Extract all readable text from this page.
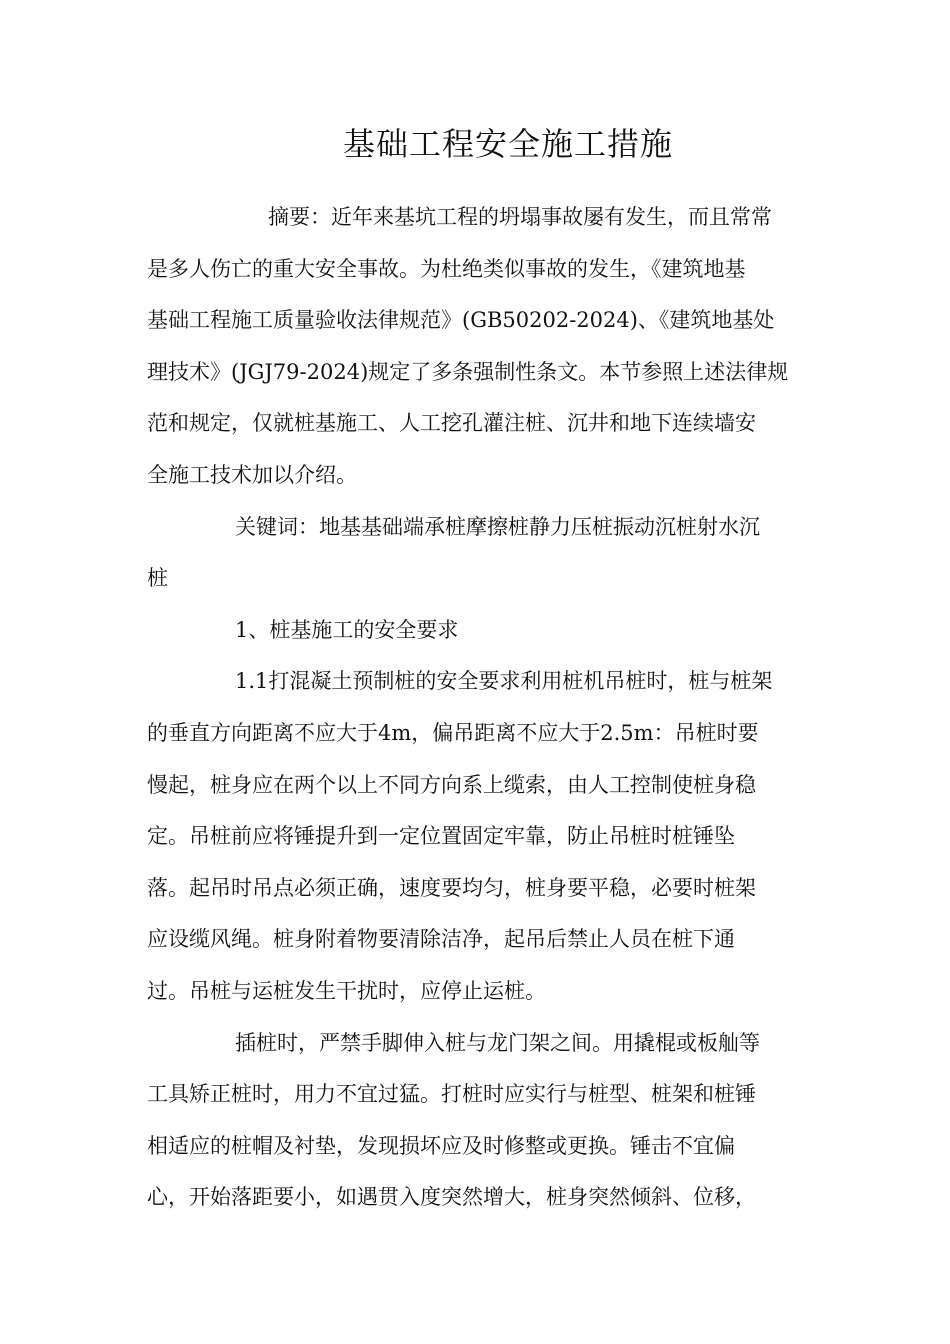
基础工程安全施工措施
摘要：近年来基坑工程的坍塌事故屡有发生，而且常常
是多人伤亡的重大安全事故。为杜绝类似事故的发生，《建筑地基
基础工程施工质量验收法律规范》(GB50202-2024)、《建筑地基处
理技术》(JGJ79-2024)规定了多条强制性条文。本节参照上述法律规
范和规定，仅就桩基施工、人工挖孔灌注桩、沉井和地下连续墙安
全施工技术加以介绍。
关键词：地基基础端承桩摩擦桩静力压桩振动沉桩射水沉
桩
1、桩基施工的安全要求
1.1打混凝土预制桩的安全要求利用桩机吊桩时，桩与桩架
的垂直方向距离不应大于4m，偏吊距离不应大于2.5m：吊桩时要
慢起，桩身应在两个以上不同方向系上缆索，由人工控制使桩身稳
定。吊桩前应将锤提升到一定位置固定牢靠，防止吊桩时桩锤坠
落。起吊时吊点必须正确，速度要均匀，桩身要平稳，必要时桩架
应设缆风绳。桩身附着物要清除洁净，起吊后禁止人员在桩下通
过。吊桩与运桩发生干扰时，应停止运桩。
插桩时，严禁手脚伸入桩与龙门架之间。用撬棍或板舢等
工具矫正桩时，用力不宜过猛。打桩时应实行与桩型、桩架和桩锤
相适应的桩帽及衬垫，发现损坏应及时修整或更换。锤击不宜偏
心，开始落距要小，如遇贯入度突然增大，桩身突然倾斜、位移，
